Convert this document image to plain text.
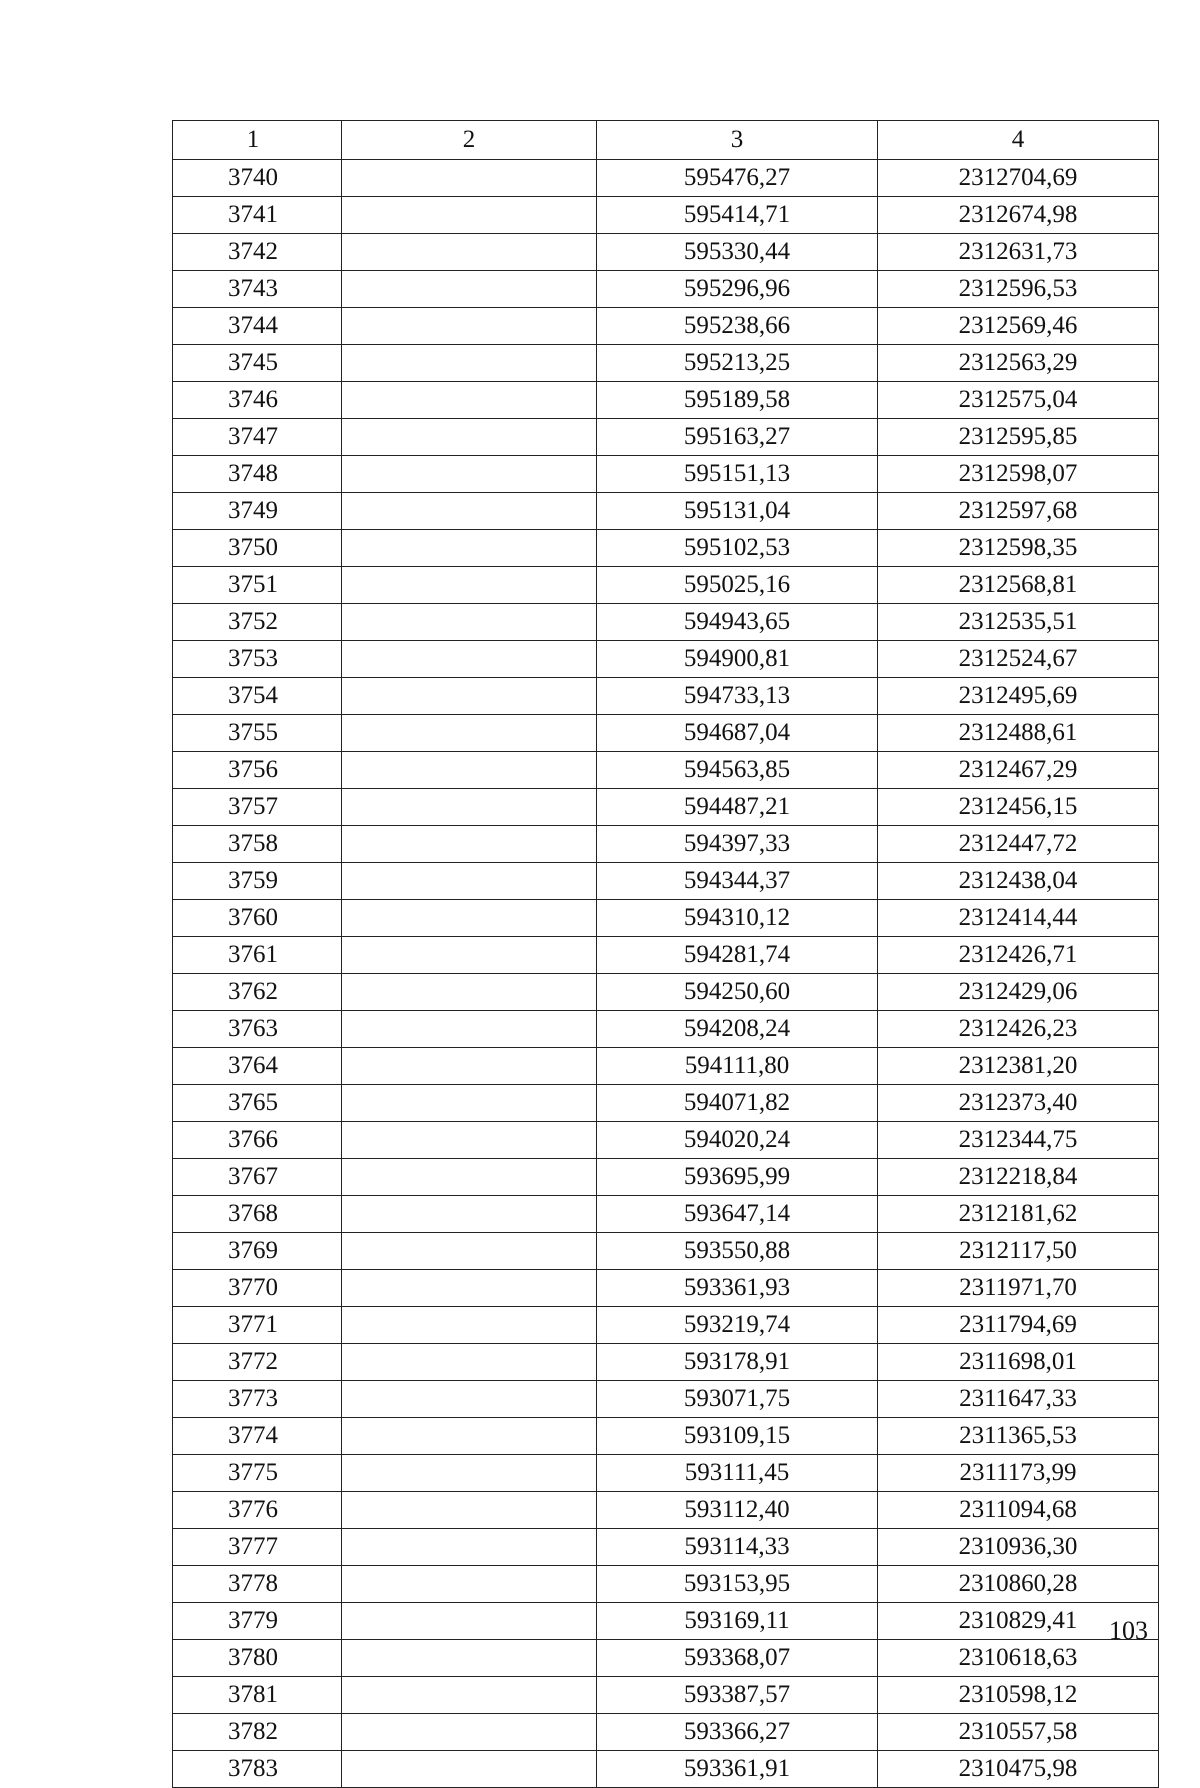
1	2	3	4
3740		595476,27	2312704,69
3741		595414,71	2312674,98
3742		595330,44	2312631,73
3743		595296,96	2312596,53
3744		595238,66	2312569,46
3745		595213,25	2312563,29
3746		595189,58	2312575,04
3747		595163,27	2312595,85
3748		595151,13	2312598,07
3749		595131,04	2312597,68
3750		595102,53	2312598,35
3751		595025,16	2312568,81
3752		594943,65	2312535,51
3753		594900,81	2312524,67
3754		594733,13	2312495,69
3755		594687,04	2312488,61
3756		594563,85	2312467,29
3757		594487,21	2312456,15
3758		594397,33	2312447,72
3759		594344,37	2312438,04
3760		594310,12	2312414,44
3761		594281,74	2312426,71
3762		594250,60	2312429,06
3763		594208,24	2312426,23
3764		594111,80	2312381,20
3765		594071,82	2312373,40
3766		594020,24	2312344,75
3767		593695,99	2312218,84
3768		593647,14	2312181,62
3769		593550,88	2312117,50
3770		593361,93	2311971,70
3771		593219,74	2311794,69
3772		593178,91	2311698,01
3773		593071,75	2311647,33
3774		593109,15	2311365,53
3775		593111,45	2311173,99
3776		593112,40	2311094,68
3777		593114,33	2310936,30
3778		593153,95	2310860,28
3779		593169,11	2310829,41
3780		593368,07	2310618,63
3781		593387,57	2310598,12
3782		593366,27	2310557,58
3783		593361,91	2310475,98
103
